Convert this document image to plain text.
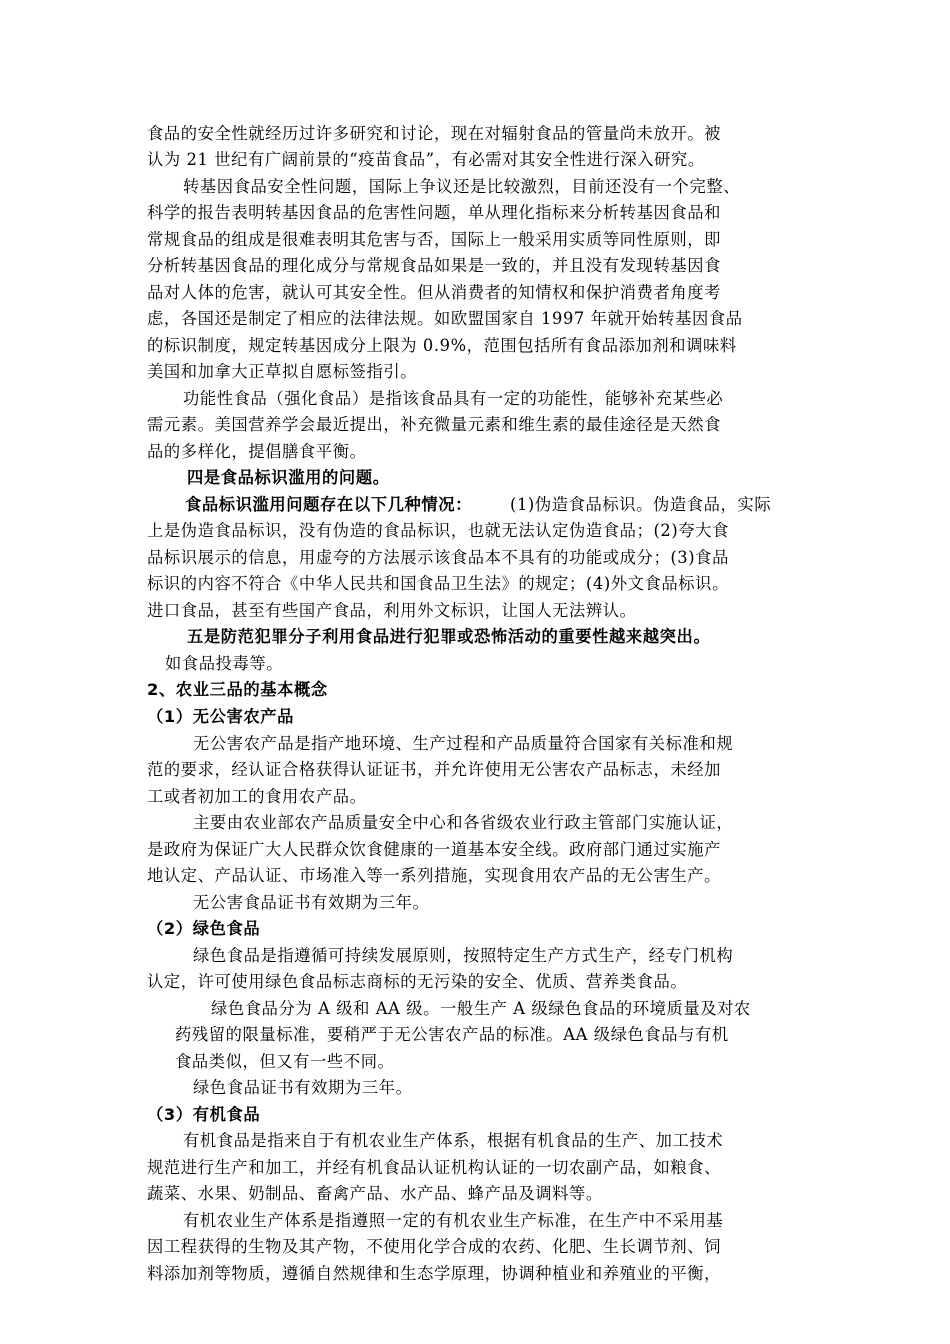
食品的安全性就经历过许多研究和讨论，现在对辐射食品的管量尚未放开。被
认为 21 世纪有广阔前景的“疫苗食品”，有必需对其安全性进行深入研究。
转基因食品安全性问题，国际上争议还是比较激烈，目前还没有一个完整、
科学的报告表明转基因食品的危害性问题，单从理化指标来分析转基因食品和
常规食品的组成是很难表明其危害与否，国际上一般采用实质等同性原则，即
分析转基因食品的理化成分与常规食品如果是一致的，并且没有发现转基因食
品对人体的危害，就认可其安全性。但从消费者的知情权和保护消费者角度考
虑，各国还是制定了相应的法律法规。如欧盟国家自 1997 年就开始转基因食品
的标识制度，规定转基因成分上限为 0.9%，范围包括所有食品添加剂和调味料
美国和加拿大正草拟自愿标签指引。
功能性食品（强化食品）是指该食品具有一定的功能性，能够补充某些必
需元素。美国营养学会最近提出，补充微量元素和维生素的最佳途径是天然食
品的多样化，提倡膳食平衡。
四是食品标识滥用的问题。
食品标识滥用问题存在以下几种情况： (1)伪造食品标识。伪造食品，实际
上是伪造食品标识，没有伪造的食品标识，也就无法认定伪造食品；(2)夸大食
品标识展示的信息，用虚夸的方法展示该食品本不具有的功能或成分；(3)食品
标识的内容不符合《中华人民共和国食品卫生法》的规定；(4)外文食品标识。
进口食品，甚至有些国产食品，利用外文标识，让国人无法辨认。
五是防范犯罪分子利用食品进行犯罪或恐怖活动的重要性越来越突出。
如食品投毒等。
2、农业三品的基本概念
（1）无公害农产品
无公害农产品是指产地环境、生产过程和产品质量符合国家有关标准和规
范的要求，经认证合格获得认证证书，并允许使用无公害农产品标志，未经加
工或者初加工的食用农产品。
主要由农业部农产品质量安全中心和各省级农业行政主管部门实施认证，
是政府为保证广大人民群众饮食健康的一道基本安全线。政府部门通过实施产
地认定、产品认证、市场准入等一系列措施，实现食用农产品的无公害生产。
无公害食品证书有效期为三年。
（2）绿色食品
绿色食品是指遵循可持续发展原则，按照特定生产方式生产，经专门机构
认定，许可使用绿色食品标志商标的无污染的安全、优质、营养类食品。
绿色食品分为 A 级和 AA 级。一般生产 A 级绿色食品的环境质量及对农
药残留的限量标准，要稍严于无公害农产品的标准。AA 级绿色食品与有机
食品类似，但又有一些不同。
绿色食品证书有效期为三年。
（3）有机食品
有机食品是指来自于有机农业生产体系，根据有机食品的生产、加工技术
规范进行生产和加工，并经有机食品认证机构认证的一切农副产品，如粮食、
蔬菜、水果、奶制品、畜禽产品、水产品、蜂产品及调料等。
有机农业生产体系是指遵照一定的有机农业生产标准，在生产中不采用基
因工程获得的生物及其产物，不使用化学合成的农药、化肥、生长调节剂、饲
料添加剂等物质，遵循自然规律和生态学原理，协调种植业和养殖业的平衡，
